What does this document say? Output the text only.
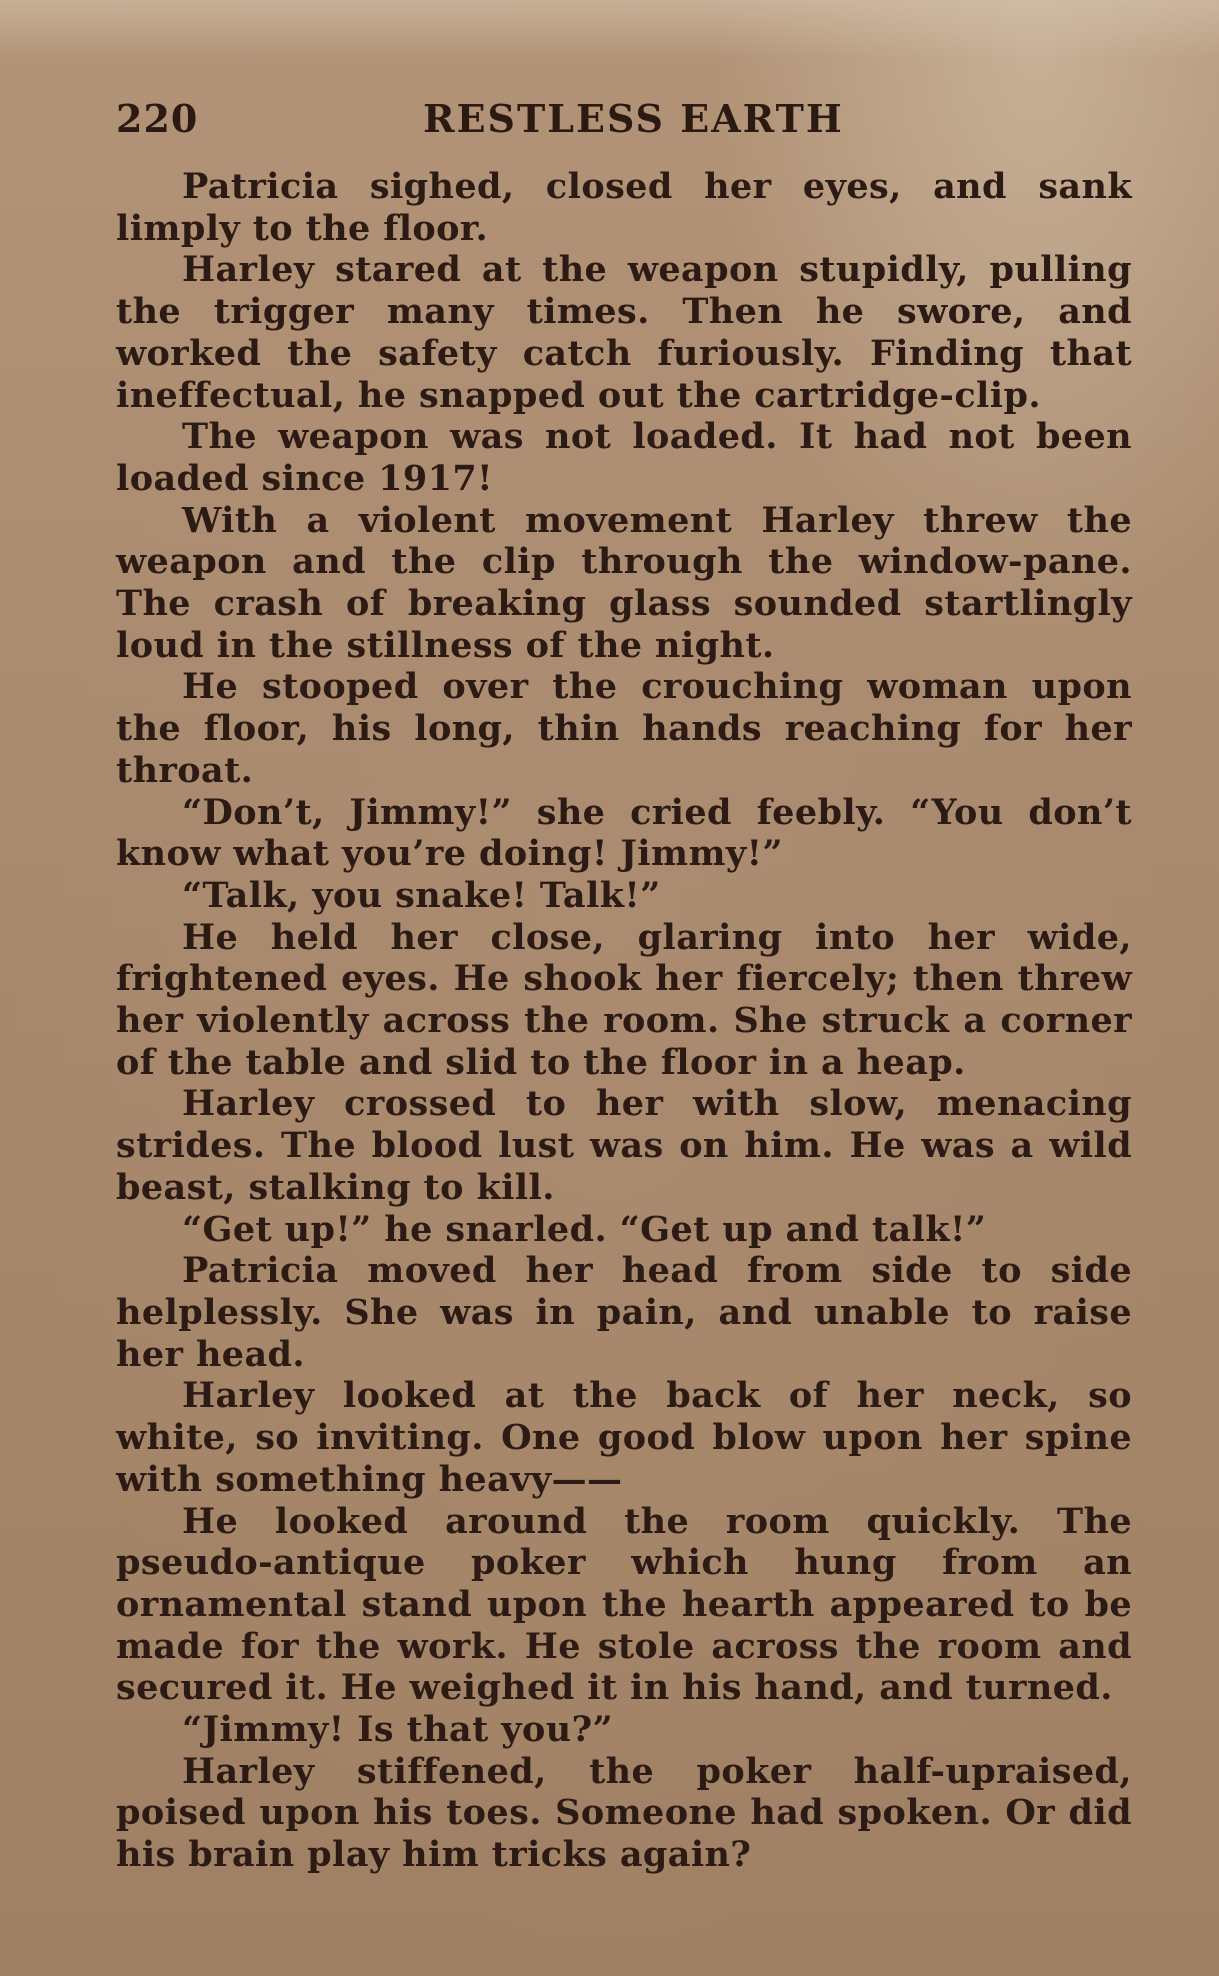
220	RESTLESS EARTH

Patricia sighed, closed her eyes, and sank limply to the floor.

Harley stared at the weapon stupidly, pulling the trigger many times. Then he swore, and worked the safety catch furiously. Finding that ineffectual, he snapped out the cartridge-clip.

The weapon was not loaded. It had not been loaded since 1917!

With a violent movement Harley threw the weapon and the clip through the window-pane. The crash of breaking glass sounded startlingly loud in the stillness of the night.

He stooped over the crouching woman upon the floor, his long, thin hands reaching for her throat.

“Don’t, Jimmy!” she cried feebly. “You don’t know what you’re doing! Jimmy!”

“Talk, you snake! Talk!”

He held her close, glaring into her wide, frightened eyes. He shook her fiercely; then threw her violently across the room. She struck a corner of the table and slid to the floor in a heap.

Harley crossed to her with slow, menacing strides. The blood lust was on him. He was a wild beast, stalking to kill.

“Get up!” he snarled. “Get up and talk!”

Patricia moved her head from side to side helplessly. She was in pain, and unable to raise her head.

Harley looked at the back of her neck, so white, so inviting. One good blow upon her spine with something heavy——

He looked around the room quickly. The pseudo-antique poker which hung from an ornamental stand upon the hearth appeared to be made for the work. He stole across the room and secured it. He weighed it in his hand, and turned.

“Jimmy! Is that you?”

Harley stiffened, the poker half-upraised, poised upon his toes. Someone had spoken. Or did his brain play him tricks again?
